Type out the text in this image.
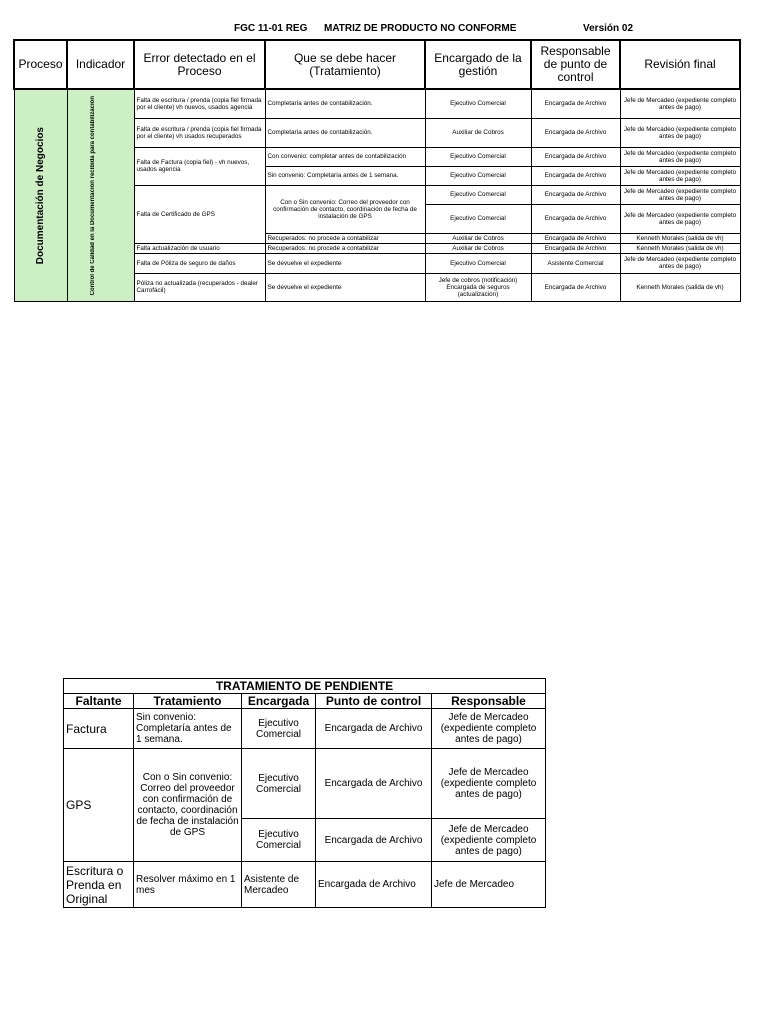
FGC 11-01 REG MATRIZ DE PRODUCTO NO CONFORME	Versión 02
Proceso	Indicador	Error detectado en el Proceso	Que se debe hacer (Tratamiento)	Encargado de la gestión	Responsable de punto de control	Revisión final

Documentación de Negocios	Control de Calidad en la Documentación recibida para contabilización	Falta de escritura / prenda (copia fiel firmada por el cliente) vh nuevos, usados agencia	Completaría antes de contabilización.	Ejecutivo Comercial	Encargada de Archivo	Jefe de Mercadeo (expediente completo antes de pago)
		Falta de escritura / prenda (copia fiel firmada por el cliente) vh usados recuperados	Completaría antes de contabilización.	Auxiliar de Cobros	Encargada de Archivo	Jefe de Mercadeo (expediente completo antes de pago)
		Falta de Factura (copia fiel) - vh nuevos, usados agencia	Con convenio: completar antes de contabilización	Ejecutivo Comercial	Encargada de Archivo	Jefe de Mercadeo (expediente completo antes de pago)
			Sin convenio: Completaría antes de 1 semana.	Ejecutivo Comercial	Encargada de Archivo	Jefe de Mercadeo (expediente completo antes de pago)
		Falta de Certificado de GPS	Con o Sin convenio: Correo del proveedor con confirmación de contacto, coordinación de fecha de instalación de GPS	Ejecutivo Comercial	Encargada de Archivo	Jefe de Mercadeo (expediente completo antes de pago)
				Ejecutivo Comercial	Encargada de Archivo	Jefe de Mercadeo (expediente completo antes de pago)
			Recuperados: no procede a contabilizar	Auxiliar de Cobros	Encargada de Archivo	Kenneth Morales (salida de vh)
		Falta actualización de usuario	Recuperados: no procede a contabilizar	Auxiliar de Cobros	Encargada de Archivo	Kenneth Morales (salida de vh)
		Falta de Póliza de seguro de daños	Se devuelve el expediente	Ejecutivo Comercial	Asistente Comercial	Jefe de Mercadeo (expediente completo antes de pago)
		Póliza no actualizada (recuperados - dealer Carrofácil)	Se devuelve el expediente	Jefe de cobros (notificación) Encargada de seguros (actualización)	Encargada de Archivo	Kenneth Morales (salida de vh)
TRATAMIENTO DE PENDIENTE				
Faltante	Tratamiento	Encargada	Punto de control	Responsable
Factura	Sin convenio: Completaría antes de 1 semana.	Ejecutivo Comercial	Encargada de Archivo	Jefe de Mercadeo (expediente completo antes de pago)
GPS	Con o Sin convenio: Correo del proveedor con confirmación de contacto, coordinación de fecha de instalación de GPS	Ejecutivo Comercial	Encargada de Archivo	Jefe de Mercadeo (expediente completo antes de pago)
		Ejecutivo Comercial	Encargada de Archivo	Jefe de Mercadeo (expediente completo antes de pago)
Escritura o Prenda en Original	Resolver máximo en 1 mes	Asistente de Mercadeo	Encargada de Archivo	Jefe de Mercadeo
